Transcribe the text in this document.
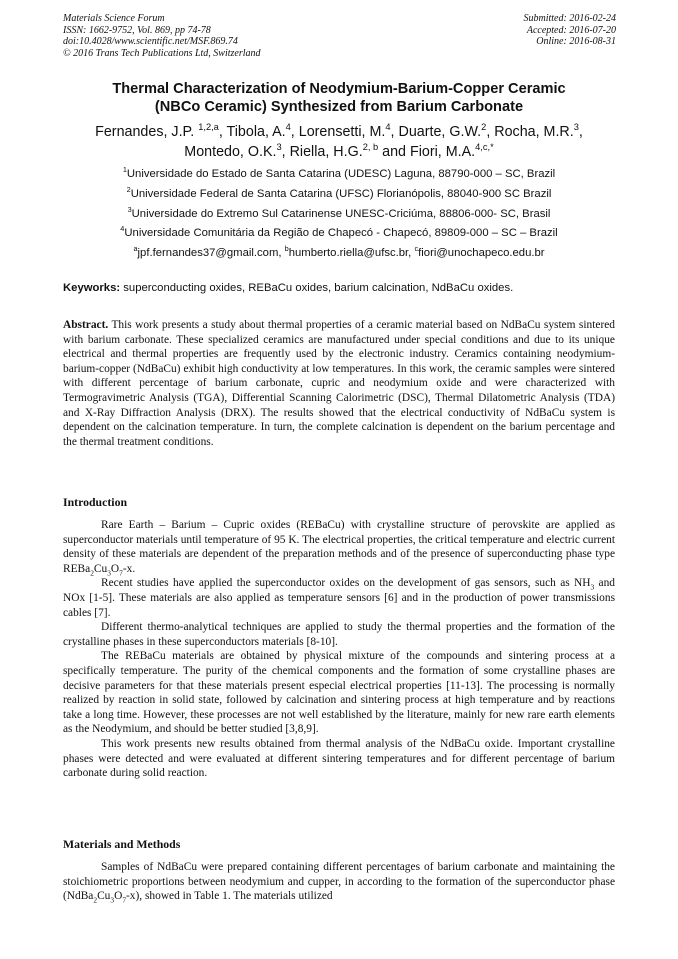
Materials Science Forum
ISSN: 1662-9752, Vol. 869, pp 74-78
doi:10.4028/www.scientific.net/MSF.869.74
© 2016 Trans Tech Publications Ltd, Switzerland
Submitted: 2016-02-24
Accepted: 2016-07-20
Online: 2016-08-31
Thermal Characterization of Neodymium-Barium-Copper Ceramic
(NBCo Ceramic) Synthesized from Barium Carbonate
Fernandes, J.P. $^{1,2,a}$, Tibola, A.$^4$, Lorensetti, M.$^4$, Duarte, G.W.$^2$, Rocha, M.R.$^3$,
Montedo, O.K.$^3$, Riella, H.G.$^{2, b}$ and Fiori, M.A.$^{4,c,*}$
$^1$Universidade do Estado de Santa Catarina (UDESC) Laguna, 88790-000 – SC, Brazil
$^2$Universidade Federal de Santa Catarina (UFSC) Florianópolis, 88040-900 SC Brazil
$^3$Universidade do Extremo Sul Catarinense UNESC-Criciúma, 88806-000- SC, Brasil
$^4$Universidade Comunitária da Região de Chapecó - Chapecó, 89809-000 – SC – Brazil
$^a$jpf.fernandes37@gmail.com, $^b$humberto.riella@ufsc.br, $^c$fiori@unochapeco.edu.br
Keyworks: superconducting oxides, REBaCu oxides, barium calcination, NdBaCu oxides.
Abstract. This work presents a study about thermal properties of a ceramic material based on NdBaCu system sintered with barium carbonate. These specialized ceramics are manufactured under special conditions and due to its unique electrical and thermal properties are frequently used by the electronic industry. Ceramics containing neodymium-barium-copper (NdBaCu) exhibit high conductivity at low temperatures. In this work, the ceramic samples were sintered with different percentage of barium carbonate, cupric and neodymium oxide and were characterized with Termogravimetric Analysis (TGA), Differential Scanning Calorimetric (DSC), Thermal Dilatometric Analysis (TDA) and X-Ray Diffraction Analysis (DRX). The results showed that the electrical conductivity of NdBaCu system is dependent on the calcination temperature. In turn, the complete calcination is dependent on the barium percentage and the thermal treatment conditions.
Introduction

Rare Earth – Barium – Cupric oxides (REBaCu) with crystalline structure of perovskite are applied as superconductor materials until temperature of 95 K. The electrical properties, the critical temperature and electric current density of these materials are dependent of the preparation methods and of the presence of superconducting phase type $REBa_2Cu_3O_7-x$.

Recent studies have applied the superconductor oxides on the development of gas sensors, such as $NH_3$ and NOx [1-5]. These materials are also applied as temperature sensors [6] and in the production of power transmissions cables [7].

Different thermo-analytical techniques are applied to study the thermal properties and the formation of the crystalline phases in these superconductors materials [8-10].

The REBaCu materials are obtained by physical mixture of the compounds and sintering process at a specifically temperature. The purity of the chemical components and the formation of some crystalline phases are decisive parameters for that these materials present especial electrical properties [11-13]. The processing is normally realized by reaction in solid state, followed by calcination and sintering process at high temperature and by reactions take a long time. However, these processes are not well established by the literature, mainly for new rare earth elements as the Neodymium, and should be better studied [3,8,9].

This work presents new results obtained from thermal analysis of the NdBaCu oxide. Important crystalline phases were detected and were evaluated at different sintering temperatures and for different percentage of barium carbonate during solid reaction.

Materials and Methods

Samples of NdBaCu were prepared containing different percentages of barium carbonate and maintaining the stoichiometric proportions between neodymium and cupper, in according to the formation of the superconductor phase $(NdBa_2Cu_3O_7-x)$, showed in Table 1. The materials utilized
